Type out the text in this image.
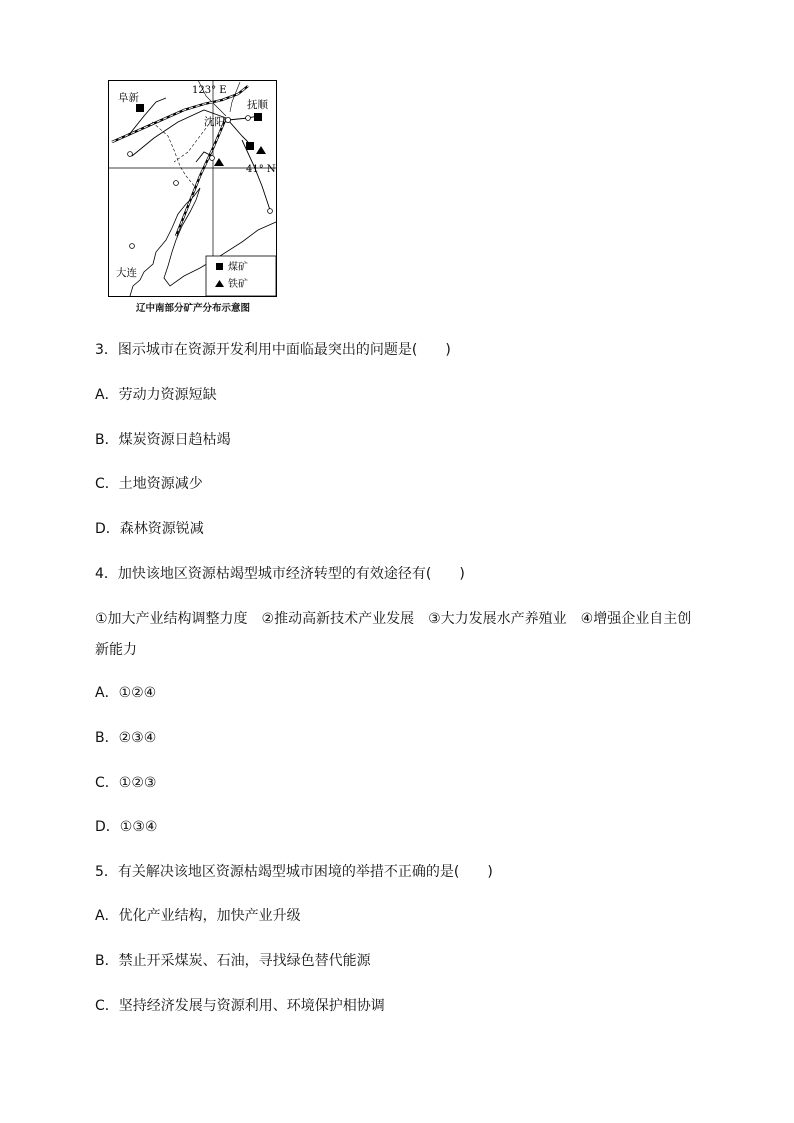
阜新
123° E
抚顺
沈阳
41° N
大连	煤矿
铁矿
辽中南部分矿产分布示意图
3．图示城市在资源开发利用中面临最突出的问题是(　　)
A．劳动力资源短缺
B．煤炭资源日趋枯竭
C．土地资源减少
D．森林资源锐减
4．加快该地区资源枯竭型城市经济转型的有效途径有(　　)
①加大产业结构调整力度　②推动高新技术产业发展　③大力发展水产养殖业　④增强企业自主创新能力
A．①②④
B．②③④
C．①②③
D．①③④
5．有关解决该地区资源枯竭型城市困境的举措不正确的是(　　)
A．优化产业结构，加快产业升级
B．禁止开采煤炭、石油，寻找绿色替代能源
C．坚持经济发展与资源利用、环境保护相协调
